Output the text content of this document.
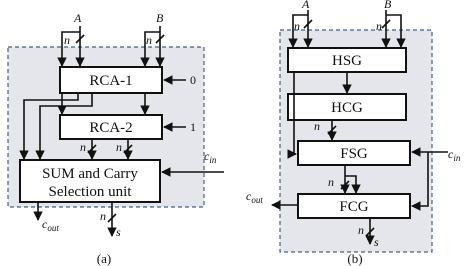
A	B
n	n
RCA-1	0
RCA-2	1
n	n
SUM and Carry
Selection unit
$c_{in}$
$c_{out}$
n
s
(a)
A	B
n	n
HSG
HCG
n
FSG	$c_{in}$
n
FCG
$c_{out}$
n
s
(b)
